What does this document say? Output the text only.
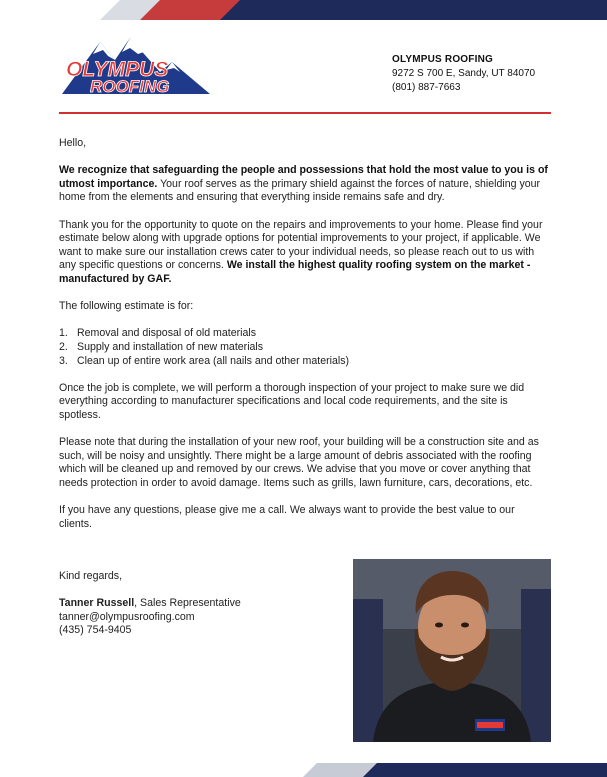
OLYMPUS
ROOFING
OLYMPUS ROOFING
9272 S 700 E, Sandy, UT 84070
(801) 887-7663

Hello,

We recognize that safeguarding the people and possessions that hold the most value to you is of utmost importance. Your roof serves as the primary shield against the forces of nature, shielding your home from the elements and ensuring that everything inside remains safe and dry.

Thank you for the opportunity to quote on the repairs and improvements to your home. Please find your estimate below along with upgrade options for potential improvements to your project, if applicable. We want to make sure our installation crews cater to your individual needs, so please reach out to us with any specific questions or concerns. We install the highest quality roofing system on the market - manufactured by GAF.

The following estimate is for:

1. Removal and disposal of old materials
2. Supply and installation of new materials
3. Clean up of entire work area (all nails and other materials)

Once the job is complete, we will perform a thorough inspection of your project to make sure we did everything according to manufacturer specifications and local code requirements, and the site is spotless.

Please note that during the installation of your new roof, your building will be a construction site and as such, will be noisy and unsightly. There might be a large amount of debris associated with the roofing which will be cleaned up and removed by our crews. We advise that you move or cover anything that needs protection in order to avoid damage. Items such as grills, lawn furniture, cars, decorations, etc.

If you have any questions, please give me a call. We always want to provide the best value to our clients.

Kind regards,

Tanner Russell, Sales Representative
tanner@olympusroofing.com
(435) 754-9405
